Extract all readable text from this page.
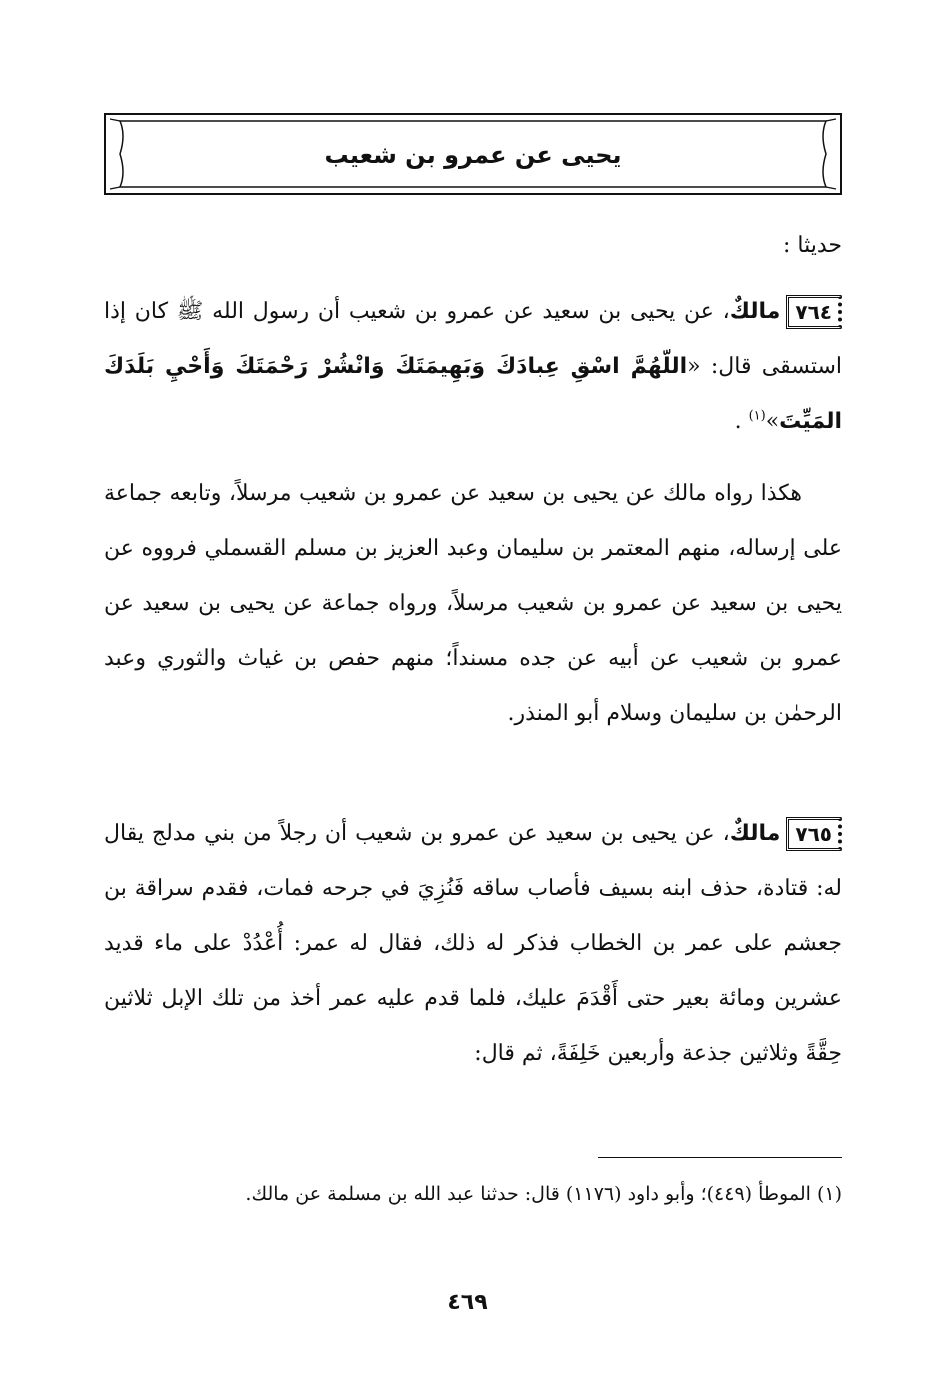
يحيى عن عمرو بن شعيب

حديثا :

٧٦٤مالكٌ، عن يحيى بن سعيد عن عمرو بن شعيب أن رسول الله ﷺ كان إذا استسقى قال: «اللّهُمَّ اسْقِ عِبادَكَ وَبَهِيمَتَكَ وَانْشُرْ رَحْمَتَكَ وَأَحْيِ بَلَدَكَ المَيِّتَ»$^{(١)}$ .

هكذا رواه مالك عن يحيى بن سعيد عن عمرو بن شعيب مرسلاً، وتابعه جماعة على إرساله، منهم المعتمر بن سليمان وعبد العزيز بن مسلم القسملي فرووه عن يحيى بن سعيد عن عمرو بن شعيب مرسلاً، ورواه جماعة عن يحيى بن سعيد عن عمرو بن شعيب عن أبيه عن جده مسنداً؛ منهم حفص بن غياث والثوري وعبد الرحمٰن بن سليمان وسلام أبو المنذر.

٧٦٥مالكٌ، عن يحيى بن سعيد عن عمرو بن شعيب أن رجلاً من بني مدلج يقال له: قتادة، حذف ابنه بسيف فأصاب ساقه فَنُزِيَ في جرحه فمات، فقدم سراقة بن جعشم على عمر بن الخطاب فذكر له ذلك، فقال له عمر: أُعْدُدْ على ماء قديد عشرين ومائة بعير حتى أَقْدَمَ عليك، فلما قدم عليه عمر أخذ من تلك الإبل ثلاثين حِقَّةً وثلاثين جذعة وأربعين خَلِفَةً، ثم قال:

(١) الموطأ (٤٤٩)؛ وأبو داود (١١٧٦) قال: حدثنا عبد الله بن مسلمة عن مالك.

٤٦٩
